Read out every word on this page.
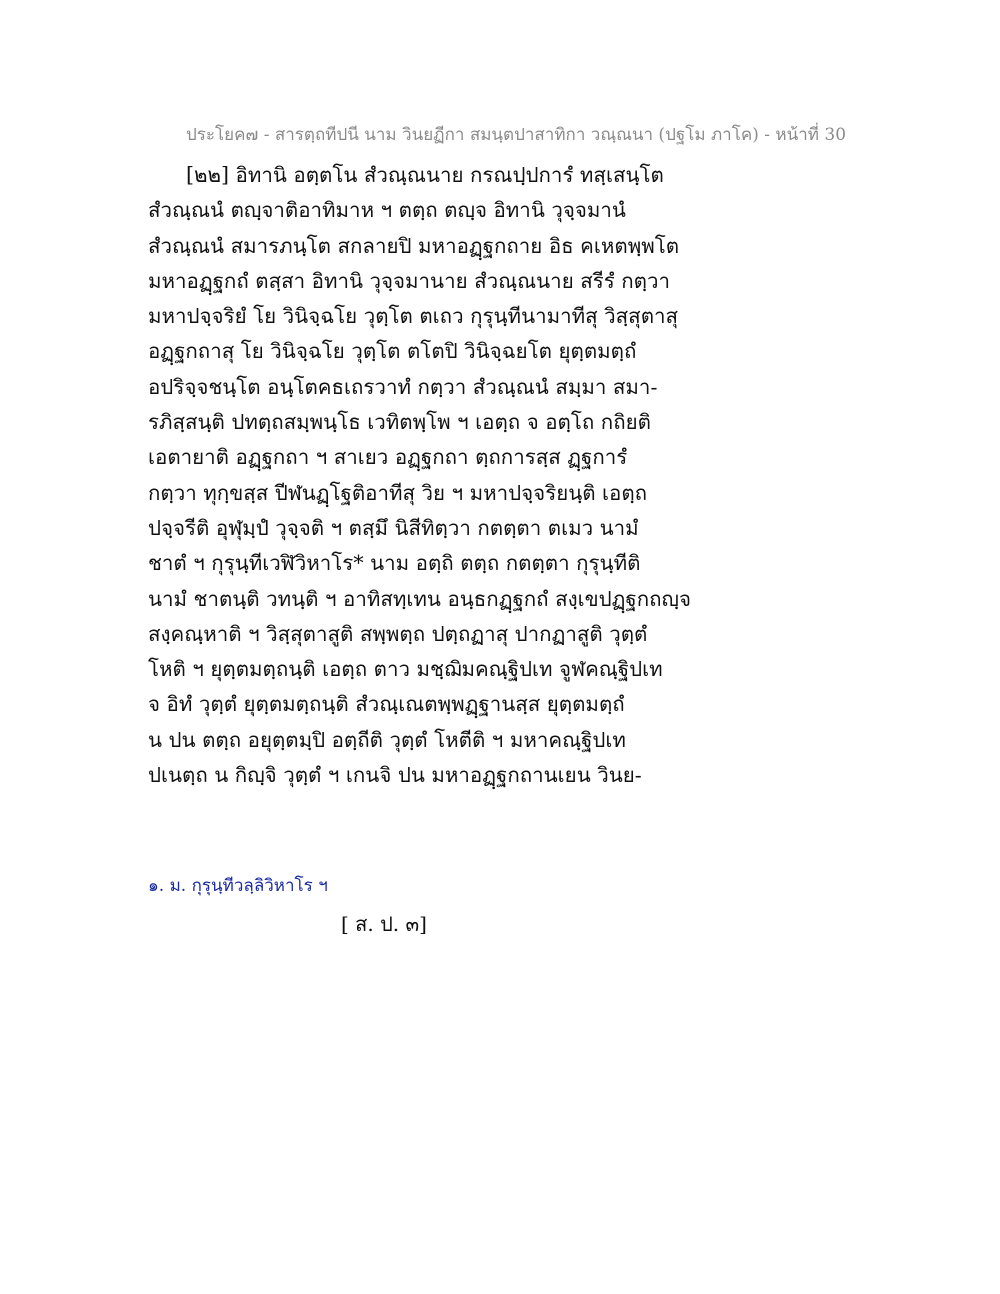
ประโยค๗ - สารตฺถทีปนี นาม วินยฏีกา สมนฺตปาสาทิกา วณฺณนา (ปฐโม ภาโค) - หน้าที่ 30
[๒๒] อิทานิ อตฺตโน สํวณฺณนาย กรณปฺปการํ ทสฺเสนฺโต
สํวณฺณนํ ตญฺจาติอาทิมาห ฯ ตตฺถ ตญฺจ อิทานิ วุจฺจมานํ
สํวณฺณนํ สมารภนฺโต สกลายปิ มหาอฏฺฐกถาย อิธ คเหตพฺพโต
มหาอฏฺฐกถํ ตสฺสา อิทานิ วุจฺจมานาย สํวณฺณนาย สรีรํ กตฺวา
มหาปจฺจริยํ โย วินิจฺฉโย วุตฺโต ตเถว กุรุนฺทีนามาทีสุ วิสฺสุตาสุ
อฏฺฐกถาสุ โย วินิจฺฉโย วุตฺโต ตโตปิ วินิจฺฉยโต ยุตฺตมตฺถํ
อปริจฺจชนฺโต อนฺโตคธเถรวาทํ กตฺวา สํวณฺณนํ สมฺมา สมา-
รภิสฺสนฺติ ปทตฺถสมฺพนฺโธ เวทิตพฺโพ ฯ เอตฺถ จ อตฺโถ กถิยติ
เอตายาติ อฏฺฐกถา ฯ สาเยว อฏฺฐกถา ตฺถการสฺส ฏฺฐการํ
กตฺวา ทุกฺขสฺส ปีฬนฏฺโฐติอาทีสุ วิย ฯ มหาปจฺจริยนฺติ เอตฺถ
ปจฺจรีติ อุฬุมฺปํ วุจฺจติ ฯ ตสฺมึ นิสีทิตฺวา กตตฺตา ตเมว นามํ
ชาตํ ฯ กุรุนฺทีเวฬิวิหาโร* นาม อตฺถิ ตตฺถ กตตฺตา กุรุนฺทีติ
นามํ ชาตนฺติ วทนฺติ ฯ อาทิสทฺเทน อนฺธกฏฺฐกถํ สงฺเขปฏฺฐกถญฺจ
สงฺคณฺหาติ ฯ วิสฺสุตาสูติ สพฺพตฺถ ปตฺถฏาสุ ปากฏาสูติ วุตฺตํ
โหติ ฯ ยุตฺตมตฺถนฺติ เอตฺถ ตาว มชฺฌิมคณฺฐิปเท จูฬคณฺฐิปเท
จ อิทํ วุตฺตํ ยุตฺตมตฺถนฺติ สํวณฺเณตพฺพฏฺฐานสฺส ยุตฺตมตฺถํ
น ปน ตตฺถ อยุตฺตมฺปิ อตฺถีติ วุตฺตํ โหตีติ ฯ มหาคณฺฐิปเท
ปเนตฺถ น กิญฺจิ วุตฺตํ ฯ เกนจิ ปน มหาอฏฺฐกถานเยน วินย-
๑. ม. กุรุนฺทีวลฺลิวิหาโร ฯ
[ ส. ป. ๓]
